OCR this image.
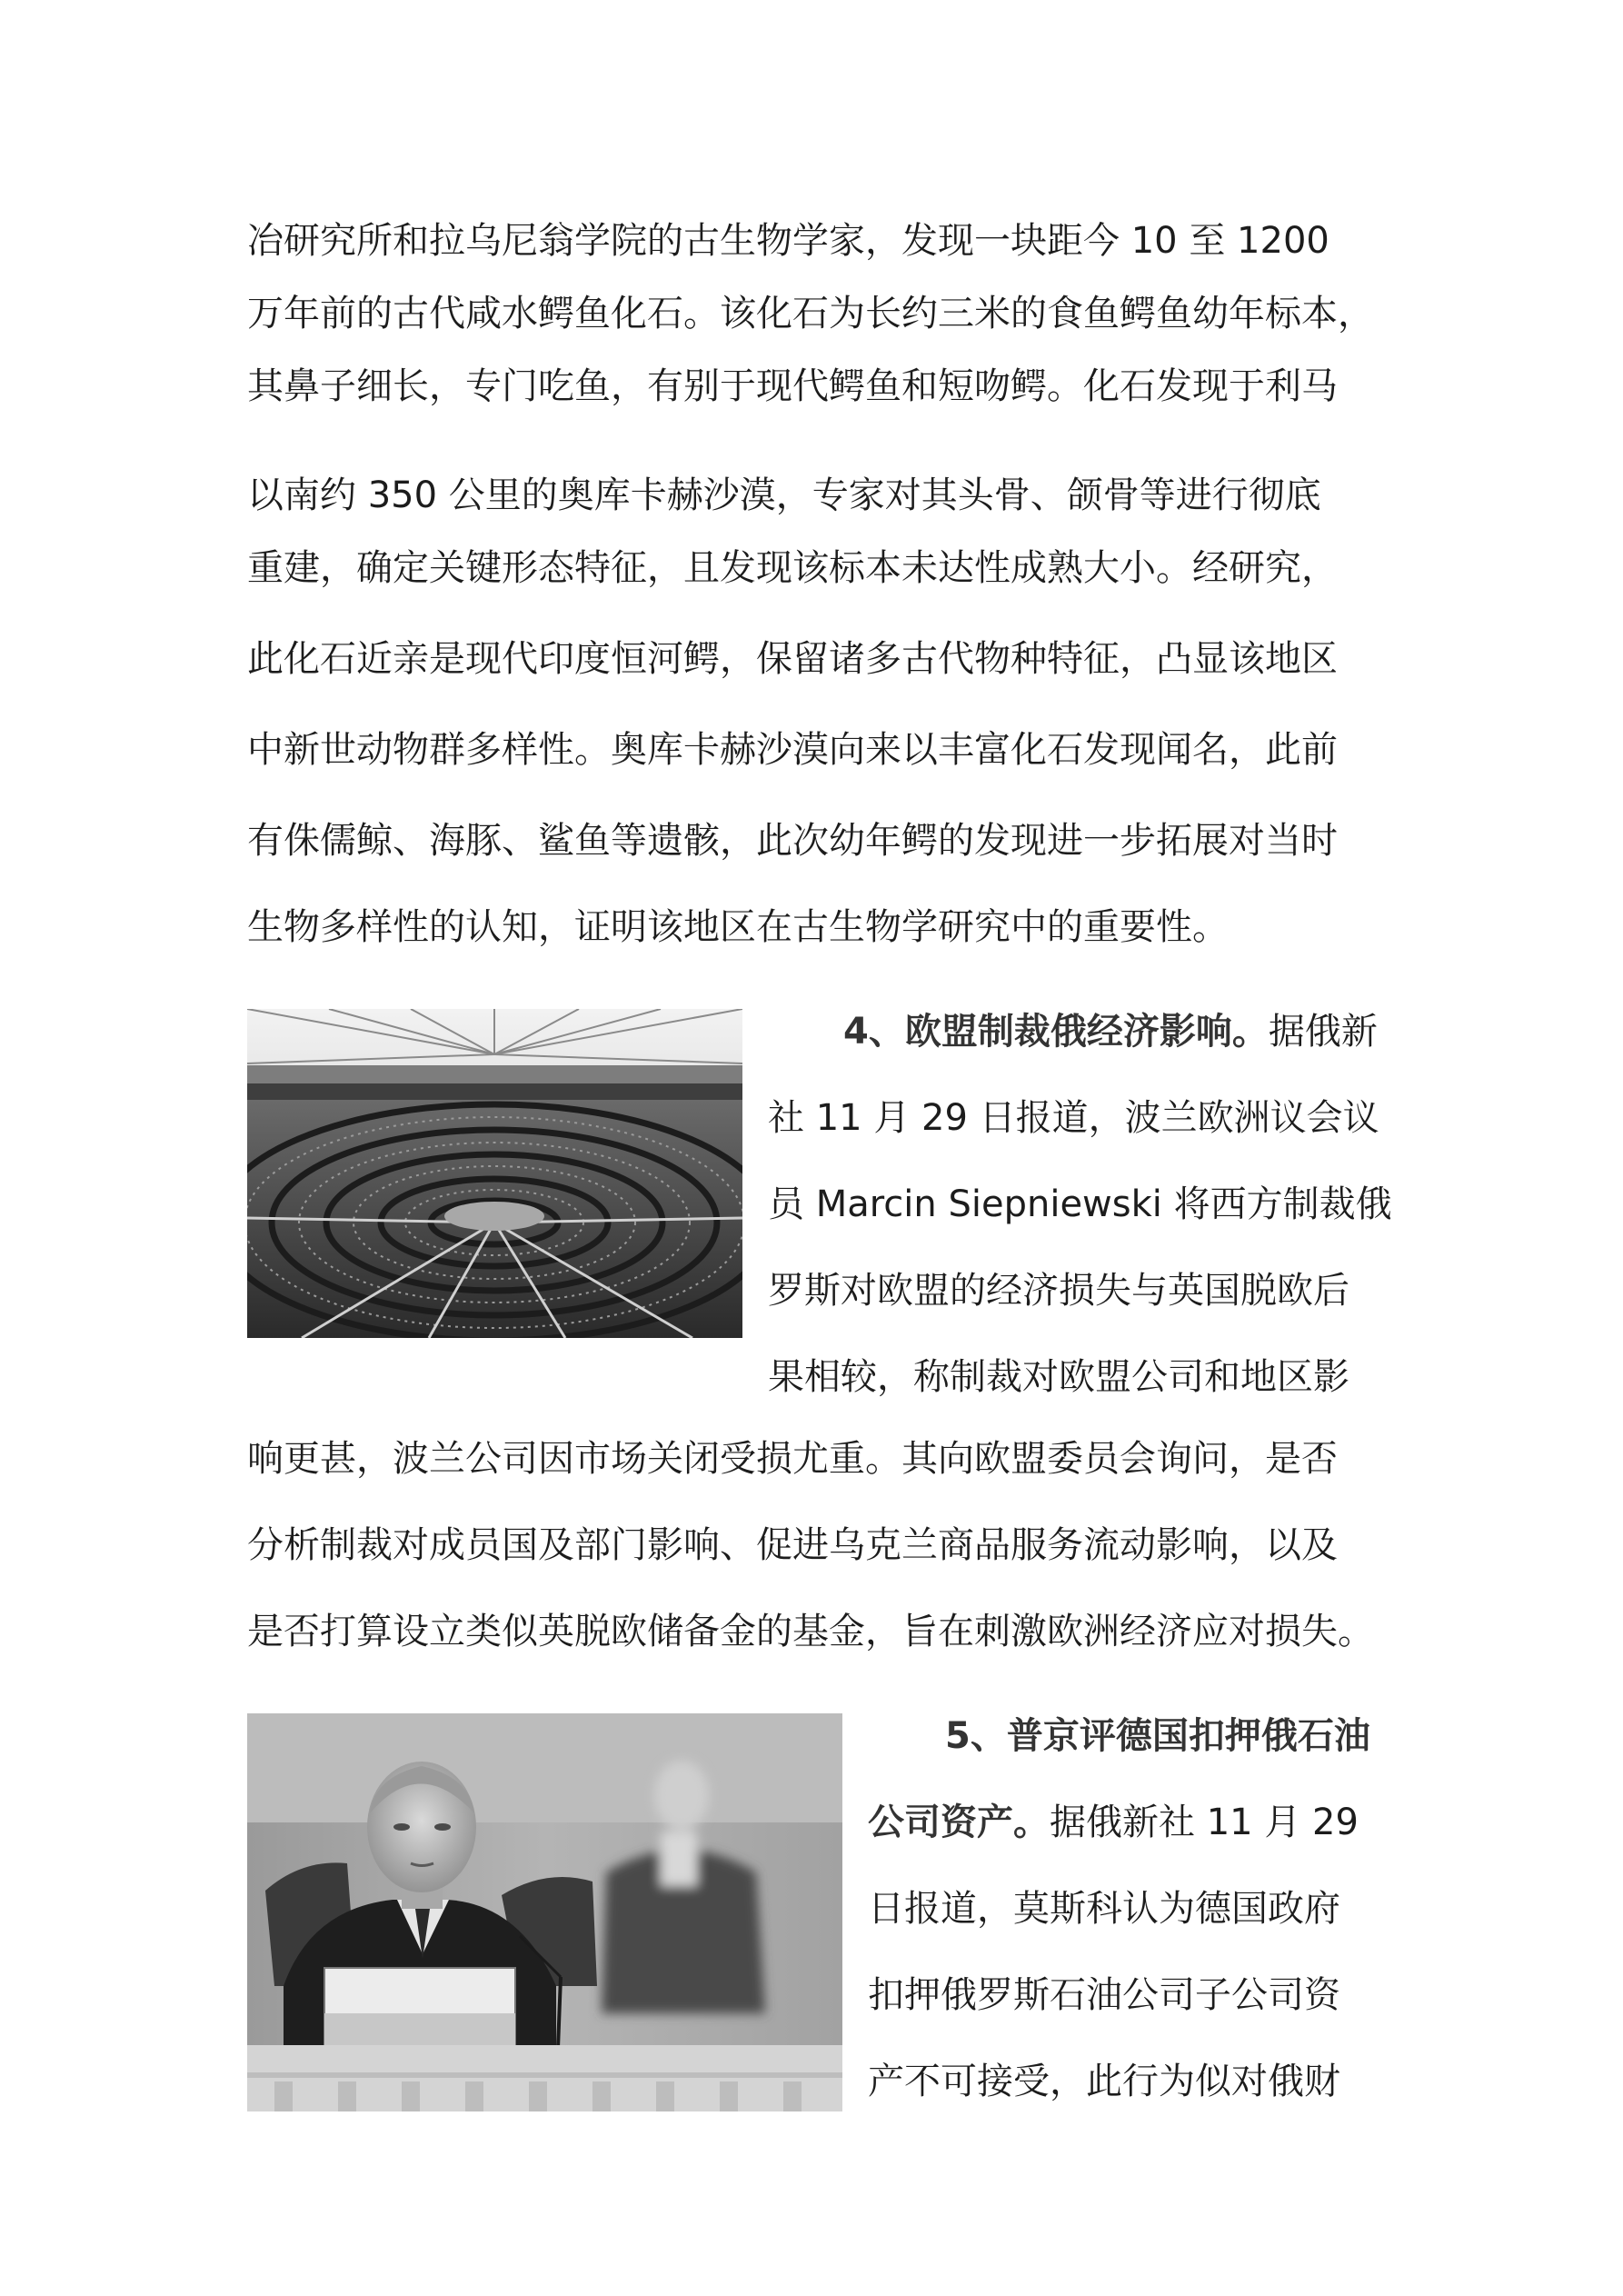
冶研究所和拉乌尼翁学院的古生物学家，发现一块距今 10 至 1200
万年前的古代咸水鳄鱼化石。该化石为长约三米的食鱼鳄鱼幼年标本，
其鼻子细长，专门吃鱼，有别于现代鳄鱼和短吻鳄。化石发现于利马
以南约 350 公里的奥库卡赫沙漠，专家对其头骨、颌骨等进行彻底
重建，确定关键形态特征，且发现该标本未达性成熟大小。经研究，
此化石近亲是现代印度恒河鳄，保留诸多古代物种特征，凸显该地区
中新世动物群多样性。奥库卡赫沙漠向来以丰富化石发现闻名，此前
有侏儒鲸、海豚、鲨鱼等遗骸，此次幼年鳄的发现进一步拓展对当时
生物多样性的认知，证明该地区在古生物学研究中的重要性。
4、欧盟制裁俄经济影响。据俄新
社 11 月 29 日报道，波兰欧洲议会议
员 Marcin Siepniewski 将西方制裁俄
罗斯对欧盟的经济损失与英国脱欧后
果相较，称制裁对欧盟公司和地区影
响更甚，波兰公司因市场关闭受损尤重。其向欧盟委员会询问，是否
分析制裁对成员国及部门影响、促进乌克兰商品服务流动影响，以及
是否打算设立类似英脱欧储备金的基金，旨在刺激欧洲经济应对损失。
5、普京评德国扣押俄石油
公司资产。据俄新社 11 月 29
日报道，莫斯科认为德国政府
扣押俄罗斯石油公司子公司资
产不可接受，此行为似对俄财
